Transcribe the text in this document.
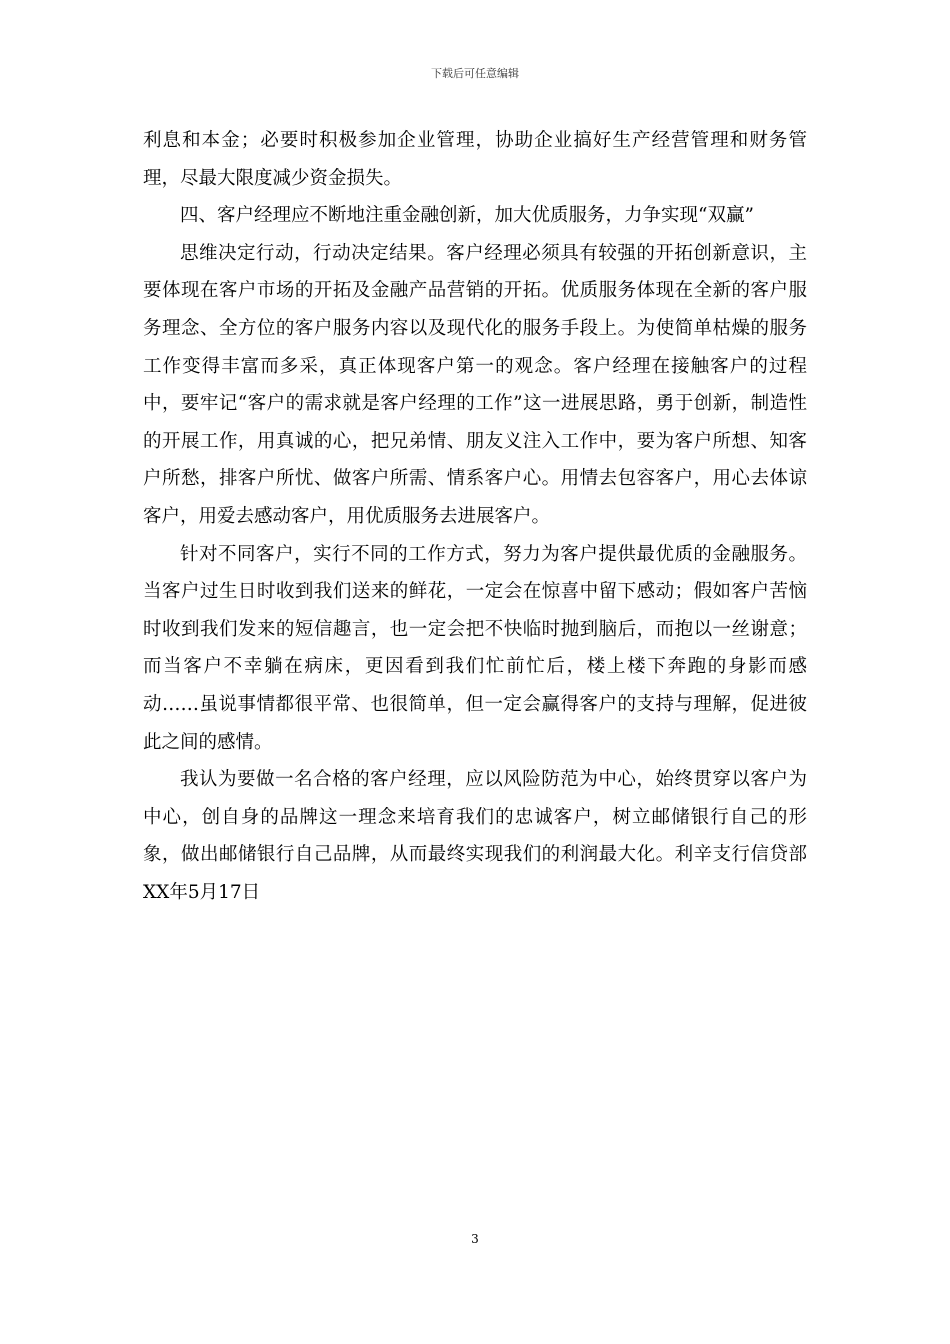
下载后可任意编辑

利息和本金；必要时积极参加企业管理，协助企业搞好生产经营管理和财务管理，尽最大限度减少资金损失。

四、客户经理应不断地注重金融创新，加大优质服务，力争实现“双赢”

思维决定行动，行动决定结果。客户经理必须具有较强的开拓创新意识，主要体现在客户市场的开拓及金融产品营销的开拓。优质服务体现在全新的客户服务理念、全方位的客户服务内容以及现代化的服务手段上。为使简单枯燥的服务工作变得丰富而多采，真正体现客户第一的观念。客户经理在接触客户的过程中，要牢记“客户的需求就是客户经理的工作”这一进展思路，勇于创新，制造性的开展工作，用真诚的心，把兄弟情、朋友义注入工作中，要为客户所想、知客户所愁，排客户所忧、做客户所需、情系客户心。用情去包容客户，用心去体谅客户，用爱去感动客户，用优质服务去进展客户。

针对不同客户，实行不同的工作方式，努力为客户提供最优质的金融服务。当客户过生日时收到我们送来的鲜花，一定会在惊喜中留下感动；假如客户苦恼时收到我们发来的短信趣言，也一定会把不快临时抛到脑后，而抱以一丝谢意；而当客户不幸躺在病床，更因看到我们忙前忙后，楼上楼下奔跑的身影而感动……虽说事情都很平常、也很简单，但一定会赢得客户的支持与理解，促进彼此之间的感情。

我认为要做一名合格的客户经理，应以风险防范为中心，始终贯穿以客户为中心，创自身的品牌这一理念来培育我们的忠诚客户，树立邮储银行自己的形象，做出邮储银行自己品牌，从而最终实现我们的利润最大化。利辛支行信贷部XX年5月17日

3
